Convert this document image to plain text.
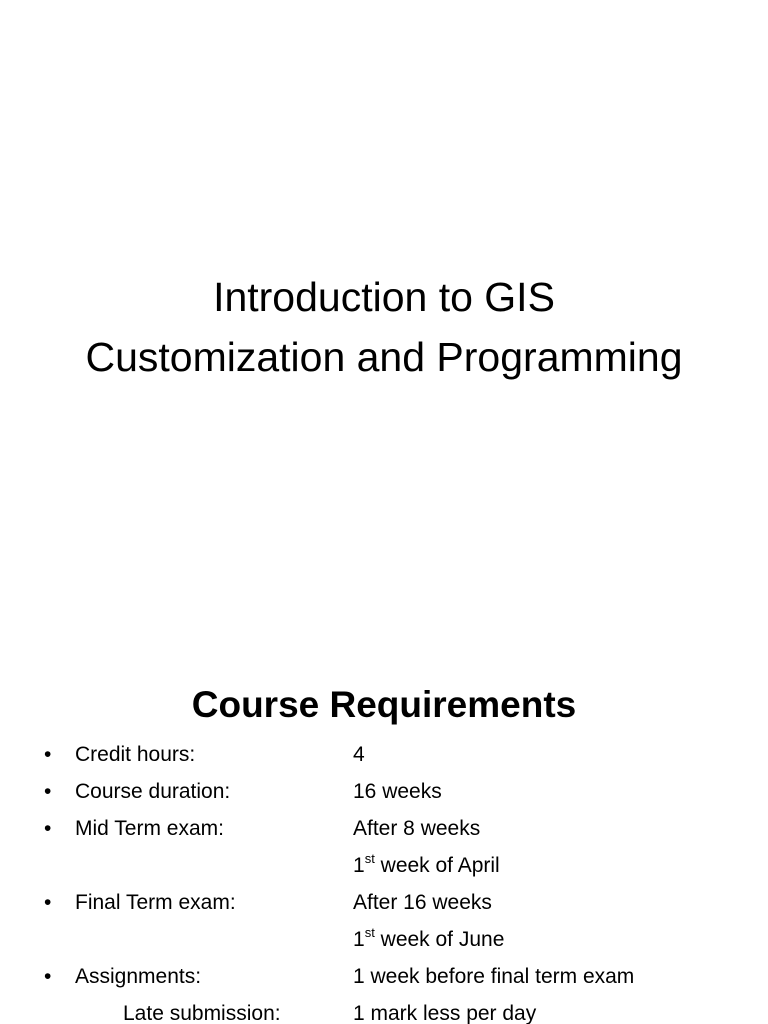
Introduction to GIS
Customization and Programming
Course Requirements
•	Credit hours:	4
•	Course duration:	16 weeks
•	Mid Term exam:	After 8 weeks
1st week of April
•	Final Term exam:	After 16 weeks
1st week of June
•	Assignments:	1 week before final term exam
Late submission:	1 mark less per day
